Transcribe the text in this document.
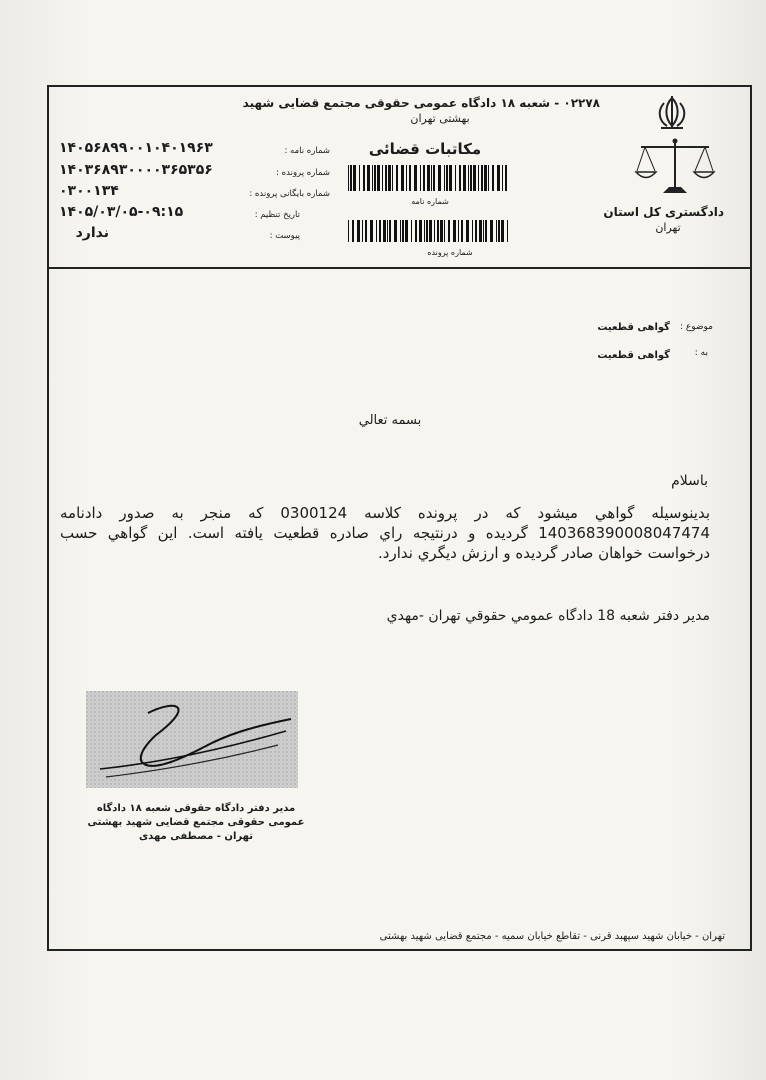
۰۲۲۷۸ - شعبه ۱۸ دادگاه عمومی حقوقی مجتمع قضایی شهید
بهشتی تهران
دادگستری کل استان
تهران
مکاتبات قضائی
شماره نامه
شماره پرونده
شماره نامه :
۱۴۰۵۶۸۹۹۰۰۱۰۴۰۱۹۶۳
شماره پرونده :
۱۴۰۳۶۸۹۳۰۰۰۰۳۶۵۳۵۶
شماره بایگانی پرونده :
۰۳۰۰۱۳۴
تاریخ تنظیم :
۱۴۰۵/۰۳/۰۵-۰۹:۱۵
پیوست :
ندارد
موضوع :
گواهی قطعیت
به :
گواهی قطعیت
بسمه تعالي
باسلام
بدينوسيله گواهي ميشود که در پرونده کلاسه 0300124 که منجر به صدور دادنامه 140368390008047474 گرديده و درنتيجه راي صادره قطعيت يافته است. اين گواهي حسب درخواست خواهان صادر گرديده و ارزش ديگري ندارد.
مدير دفتر شعبه 18 دادگاه عمومي حقوقي تهران -مهدي
مدیر دفتر دادگاه حقوقی شعبه ۱۸ دادگاه عمومی حقوقی مجتمع قضایی شهید بهشتی تهران - مصطفی مهدی
تهران - خیابان شهید سپهبد قرنی - تقاطع خیابان سمیه - مجتمع قضایی شهید بهشتی
